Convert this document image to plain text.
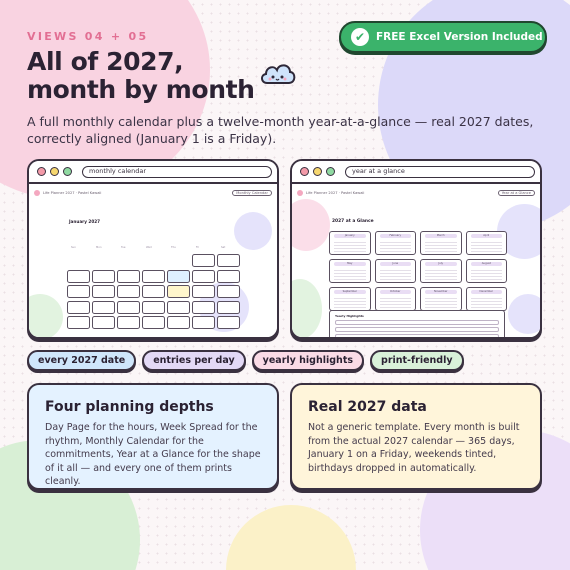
VIEWS 04 + 05
All of 2027,
month by month
A full monthly calendar plus a twelve-month year-at-a-glance — real 2027 dates, correctly aligned (January 1 is a Friday).
✔	FREE Excel Version Included
monthly calendar
Life Planner 2027 · Pastel Kawaii	Monthly Calendar
January 2027
Sun	Mon	Tue	Wed	Thu	Fri	Sat
year at a glance
Life Planner 2027 · Pastel Kawaii	Year at a Glance
2027 at a Glance
January	February	March	April
May	June	July	August
September	October	November	December
Yearly Highlights
every 2027 date	entries per day	yearly highlights	print-friendly
Four planning depths

Day Page for the hours, Week Spread for the rhythm, Monthly Calendar for the commitments, Year at a Glance for the shape of it all — and every one of them prints cleanly.

Real 2027 data

Not a generic template. Every month is built from the actual 2027 calendar — 365 days, January 1 on a Friday, weekends tinted, birthdays dropped in automatically.
